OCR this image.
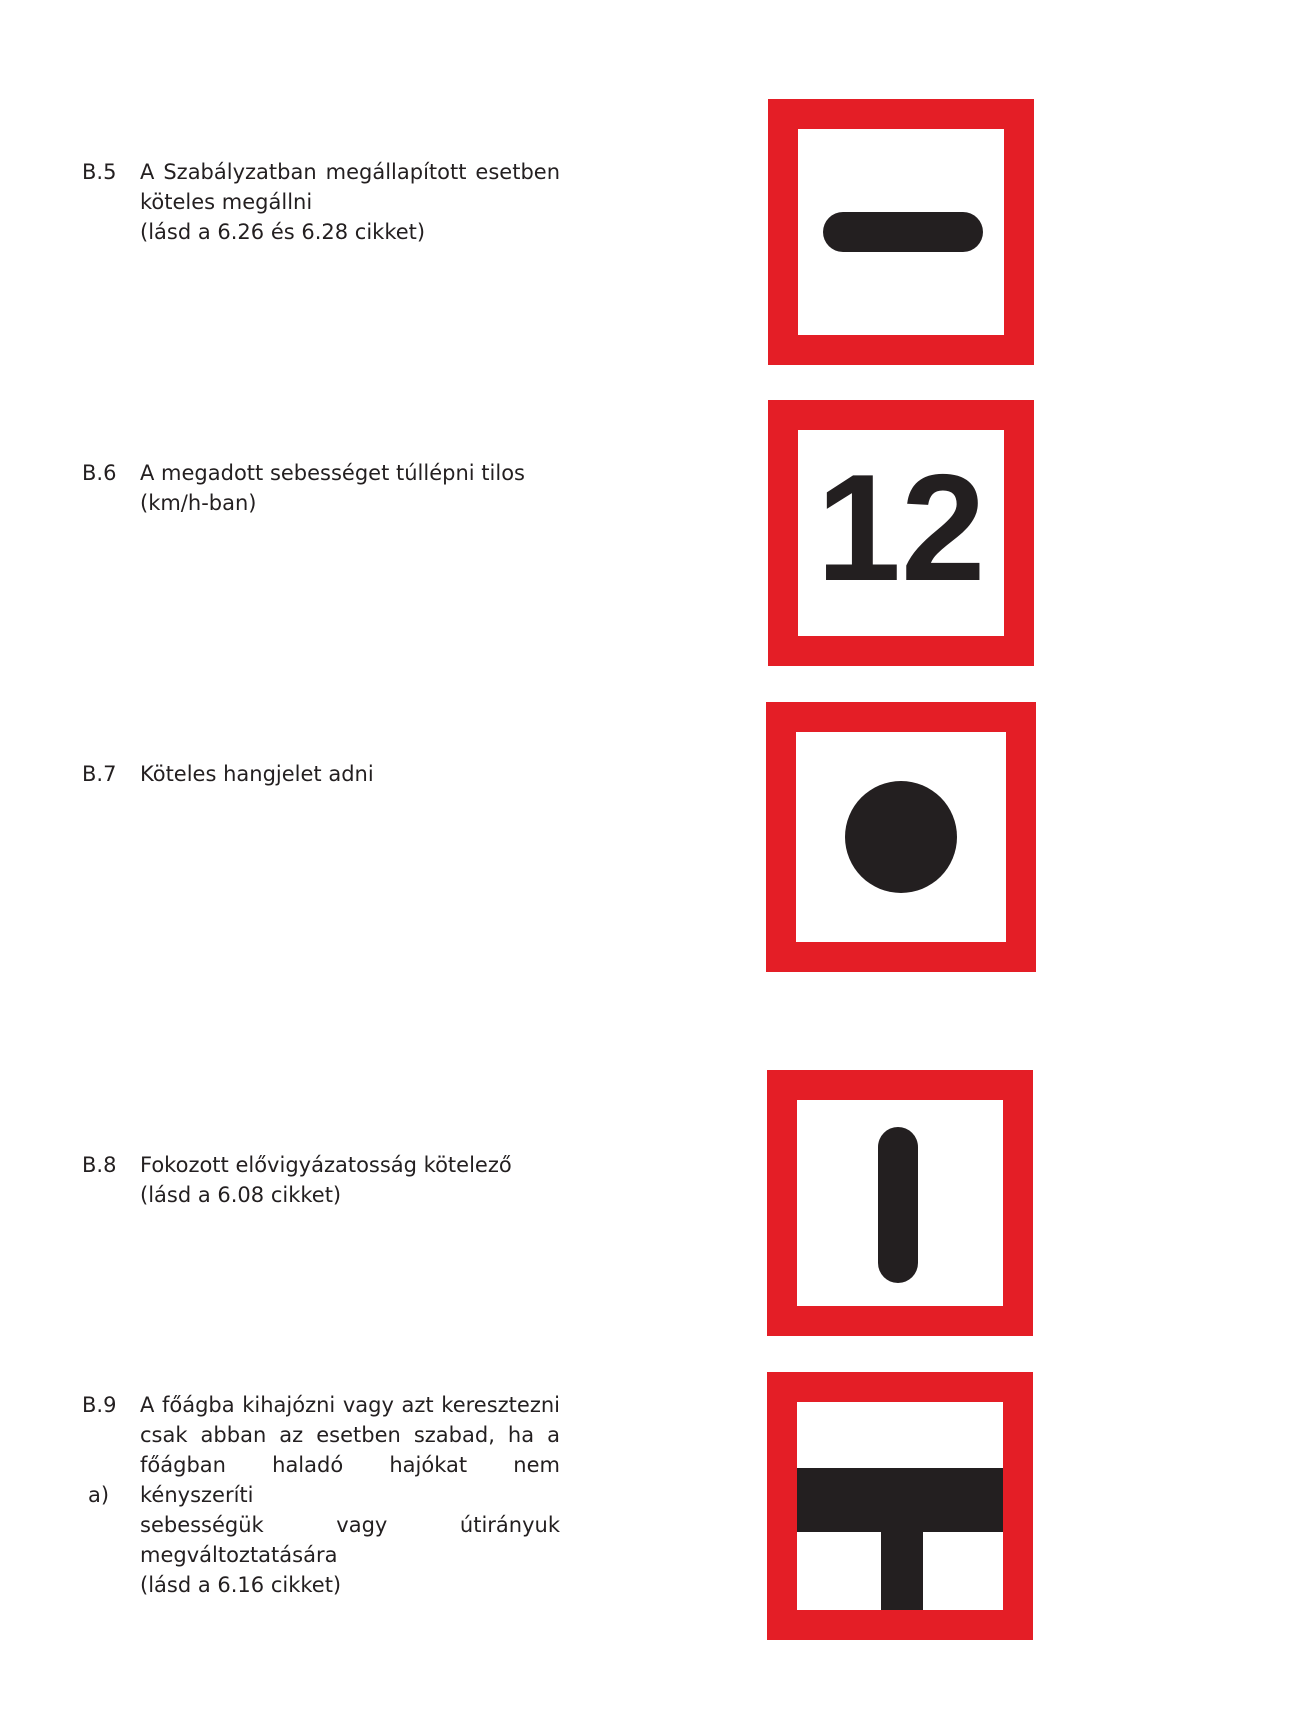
B.5 A Szabályzatban megállapított esetben
köteles megállni
(lásd a 6.26 és 6.28 cikket)
B.6 A megadott sebességet túllépni tilos
(km/h-ban)	12
B.7 Köteles hangjelet adni
B.8 Fokozott elővigyázatosság kötelező
(lásd a 6.08 cikket)
B.9
a)
A főágba kihajózni vagy azt keresztezni
csak abban az esetben szabad, ha a
főágban haladó hajókat nem kényszeríti
sebességük vagy útirányuk
megváltoztatására
(lásd a 6.16 cikket)
